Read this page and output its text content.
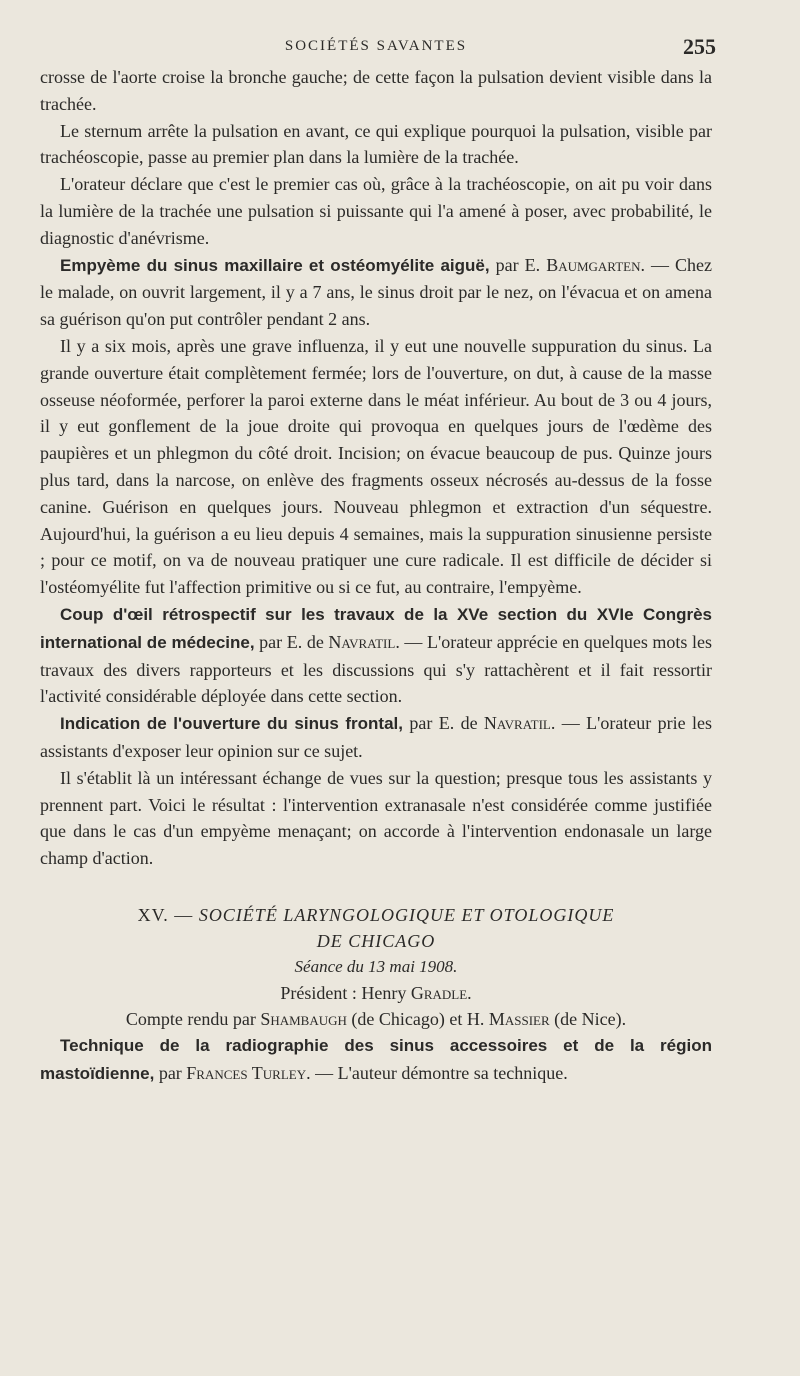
SOCIÉTÉS SAVANTES	255

crosse de l'aorte croise la bronche gauche; de cette façon la pulsation devient visible dans la trachée.

Le sternum arrête la pulsation en avant, ce qui explique pourquoi la pulsation, visible par trachéoscopie, passe au premier plan dans la lumière de la trachée.

L'orateur déclare que c'est le premier cas où, grâce à la trachéoscopie, on ait pu voir dans la lumière de la trachée une pulsation si puissante qui l'a amené à poser, avec probabilité, le diagnostic d'anévrisme.

Empyème du sinus maxillaire et ostéomyélite aiguë, par E. Baumgarten. — Chez le malade, on ouvrit largement, il y a 7 ans, le sinus droit par le nez, on l'évacua et on amena sa guérison qu'on put contrôler pendant 2 ans.

Il y a six mois, après une grave influenza, il y eut une nouvelle suppuration du sinus. La grande ouverture était complètement fermée; lors de l'ouverture, on dut, à cause de la masse osseuse néoformée, perforer la paroi externe dans le méat inférieur. Au bout de 3 ou 4 jours, il y eut gonflement de la joue droite qui provoqua en quelques jours de l'œdème des paupières et un phlegmon du côté droit. Incision; on évacue beaucoup de pus. Quinze jours plus tard, dans la narcose, on enlève des fragments osseux nécrosés au-dessus de la fosse canine. Guérison en quelques jours. Nouveau phlegmon et extraction d'un séquestre. Aujourd'hui, la guérison a eu lieu depuis 4 semaines, mais la suppuration sinusienne persiste ; pour ce motif, on va de nouveau pratiquer une cure radicale. Il est difficile de décider si l'ostéomyélite fut l'affection primitive ou si ce fut, au contraire, l'empyème.

Coup d'œil rétrospectif sur les travaux de la XVe section du XVIe Congrès international de médecine, par E. de Navratil. — L'orateur apprécie en quelques mots les travaux des divers rapporteurs et les discussions qui s'y rattachèrent et il fait ressortir l'activité considérable déployée dans cette section.

Indication de l'ouverture du sinus frontal, par E. de Navratil. — L'orateur prie les assistants d'exposer leur opinion sur ce sujet.

Il s'établit là un intéressant échange de vues sur la question; presque tous les assistants y prennent part. Voici le résultat : l'intervention extranasale n'est considérée comme justifiée que dans le cas d'un empyème menaçant; on accorde à l'intervention endonasale un large champ d'action.

XV. — SOCIÉTÉ LARYNGOLOGIQUE ET OTOLOGIQUE
DE CHICAGO
Séance du 13 mai 1908.
Président : Henry Gradle.
Compte rendu par Shambaugh (de Chicago) et H. Massier (de Nice).

Technique de la radiographie des sinus accessoires et de la région mastoïdienne, par Frances Turley. — L'auteur démontre sa technique.
